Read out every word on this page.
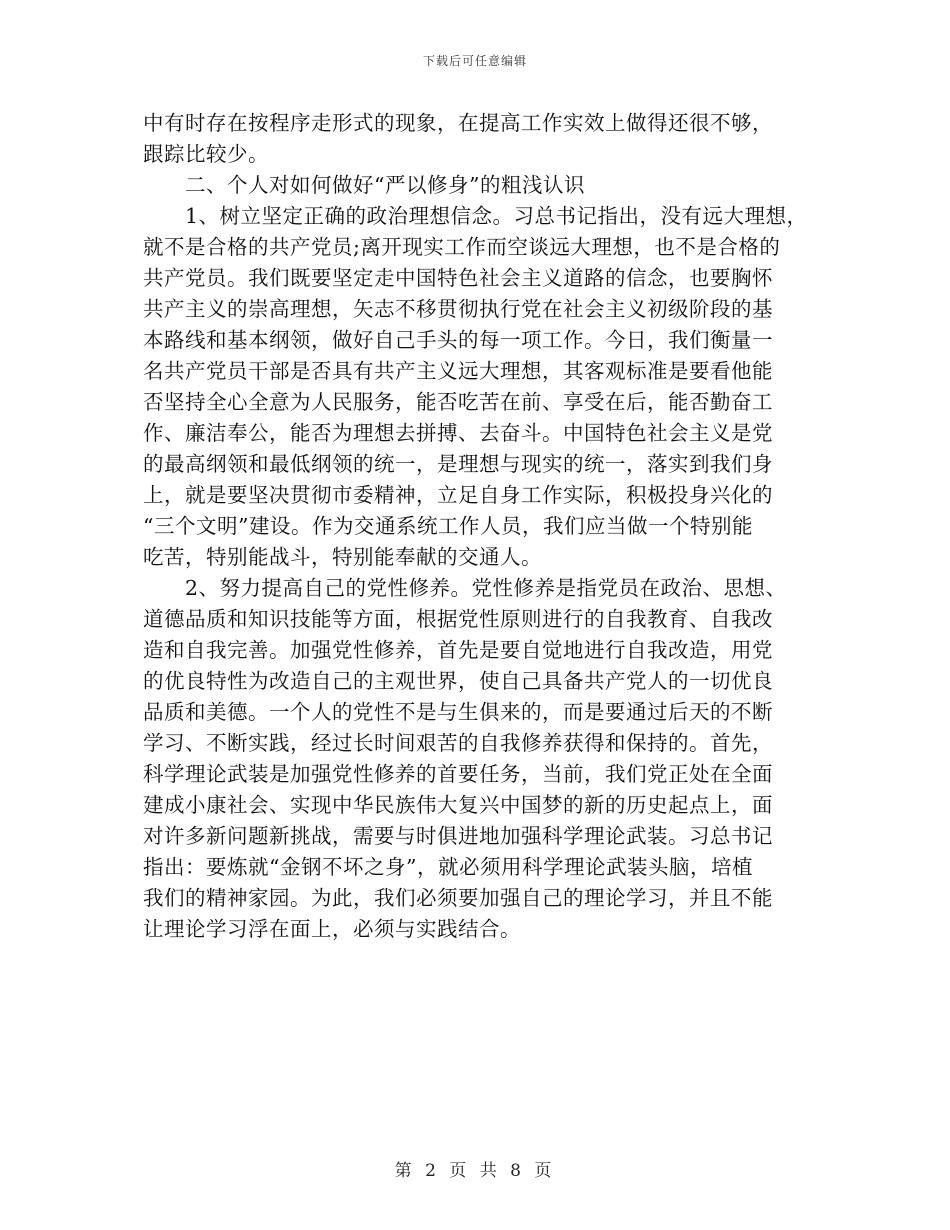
下载后可任意编辑
中有时存在按程序走形式的现象，在提高工作实效上做得还很不够，
跟踪比较少。
二、个人对如何做好“严以修身”的粗浅认识
1、树立坚定正确的政治理想信念。习总书记指出，没有远大理想，
就不是合格的共产党员;离开现实工作而空谈远大理想，也不是合格的
共产党员。我们既要坚定走中国特色社会主义道路的信念，也要胸怀
共产主义的崇高理想，矢志不移贯彻执行党在社会主义初级阶段的基
本路线和基本纲领，做好自己手头的每一项工作。今日，我们衡量一
名共产党员干部是否具有共产主义远大理想，其客观标准是要看他能
否坚持全心全意为人民服务，能否吃苦在前、享受在后，能否勤奋工
作、廉洁奉公，能否为理想去拼搏、去奋斗。中国特色社会主义是党
的最高纲领和最低纲领的统一，是理想与现实的统一，落实到我们身
上，就是要坚决贯彻市委精神，立足自身工作实际，积极投身兴化的
“三个文明”建设。作为交通系统工作人员，我们应当做一个特别能
吃苦，特别能战斗，特别能奉献的交通人。
2、努力提高自己的党性修养。党性修养是指党员在政治、思想、
道德品质和知识技能等方面，根据党性原则进行的自我教育、自我改
造和自我完善。加强党性修养，首先是要自觉地进行自我改造，用党
的优良特性为改造自己的主观世界，使自己具备共产党人的一切优良
品质和美德。一个人的党性不是与生俱来的，而是要通过后天的不断
学习、不断实践，经过长时间艰苦的自我修养获得和保持的。首先，
科学理论武装是加强党性修养的首要任务，当前，我们党正处在全面
建成小康社会、实现中华民族伟大复兴中国梦的新的历史起点上，面
对许多新问题新挑战，需要与时俱进地加强科学理论武装。习总书记
指出：要炼就“金钢不坏之身”，就必须用科学理论武装头脑，培植
我们的精神家园。为此，我们必须要加强自己的理论学习，并且不能
让理论学习浮在面上，必须与实践结合。
第 2 页 共 8 页
